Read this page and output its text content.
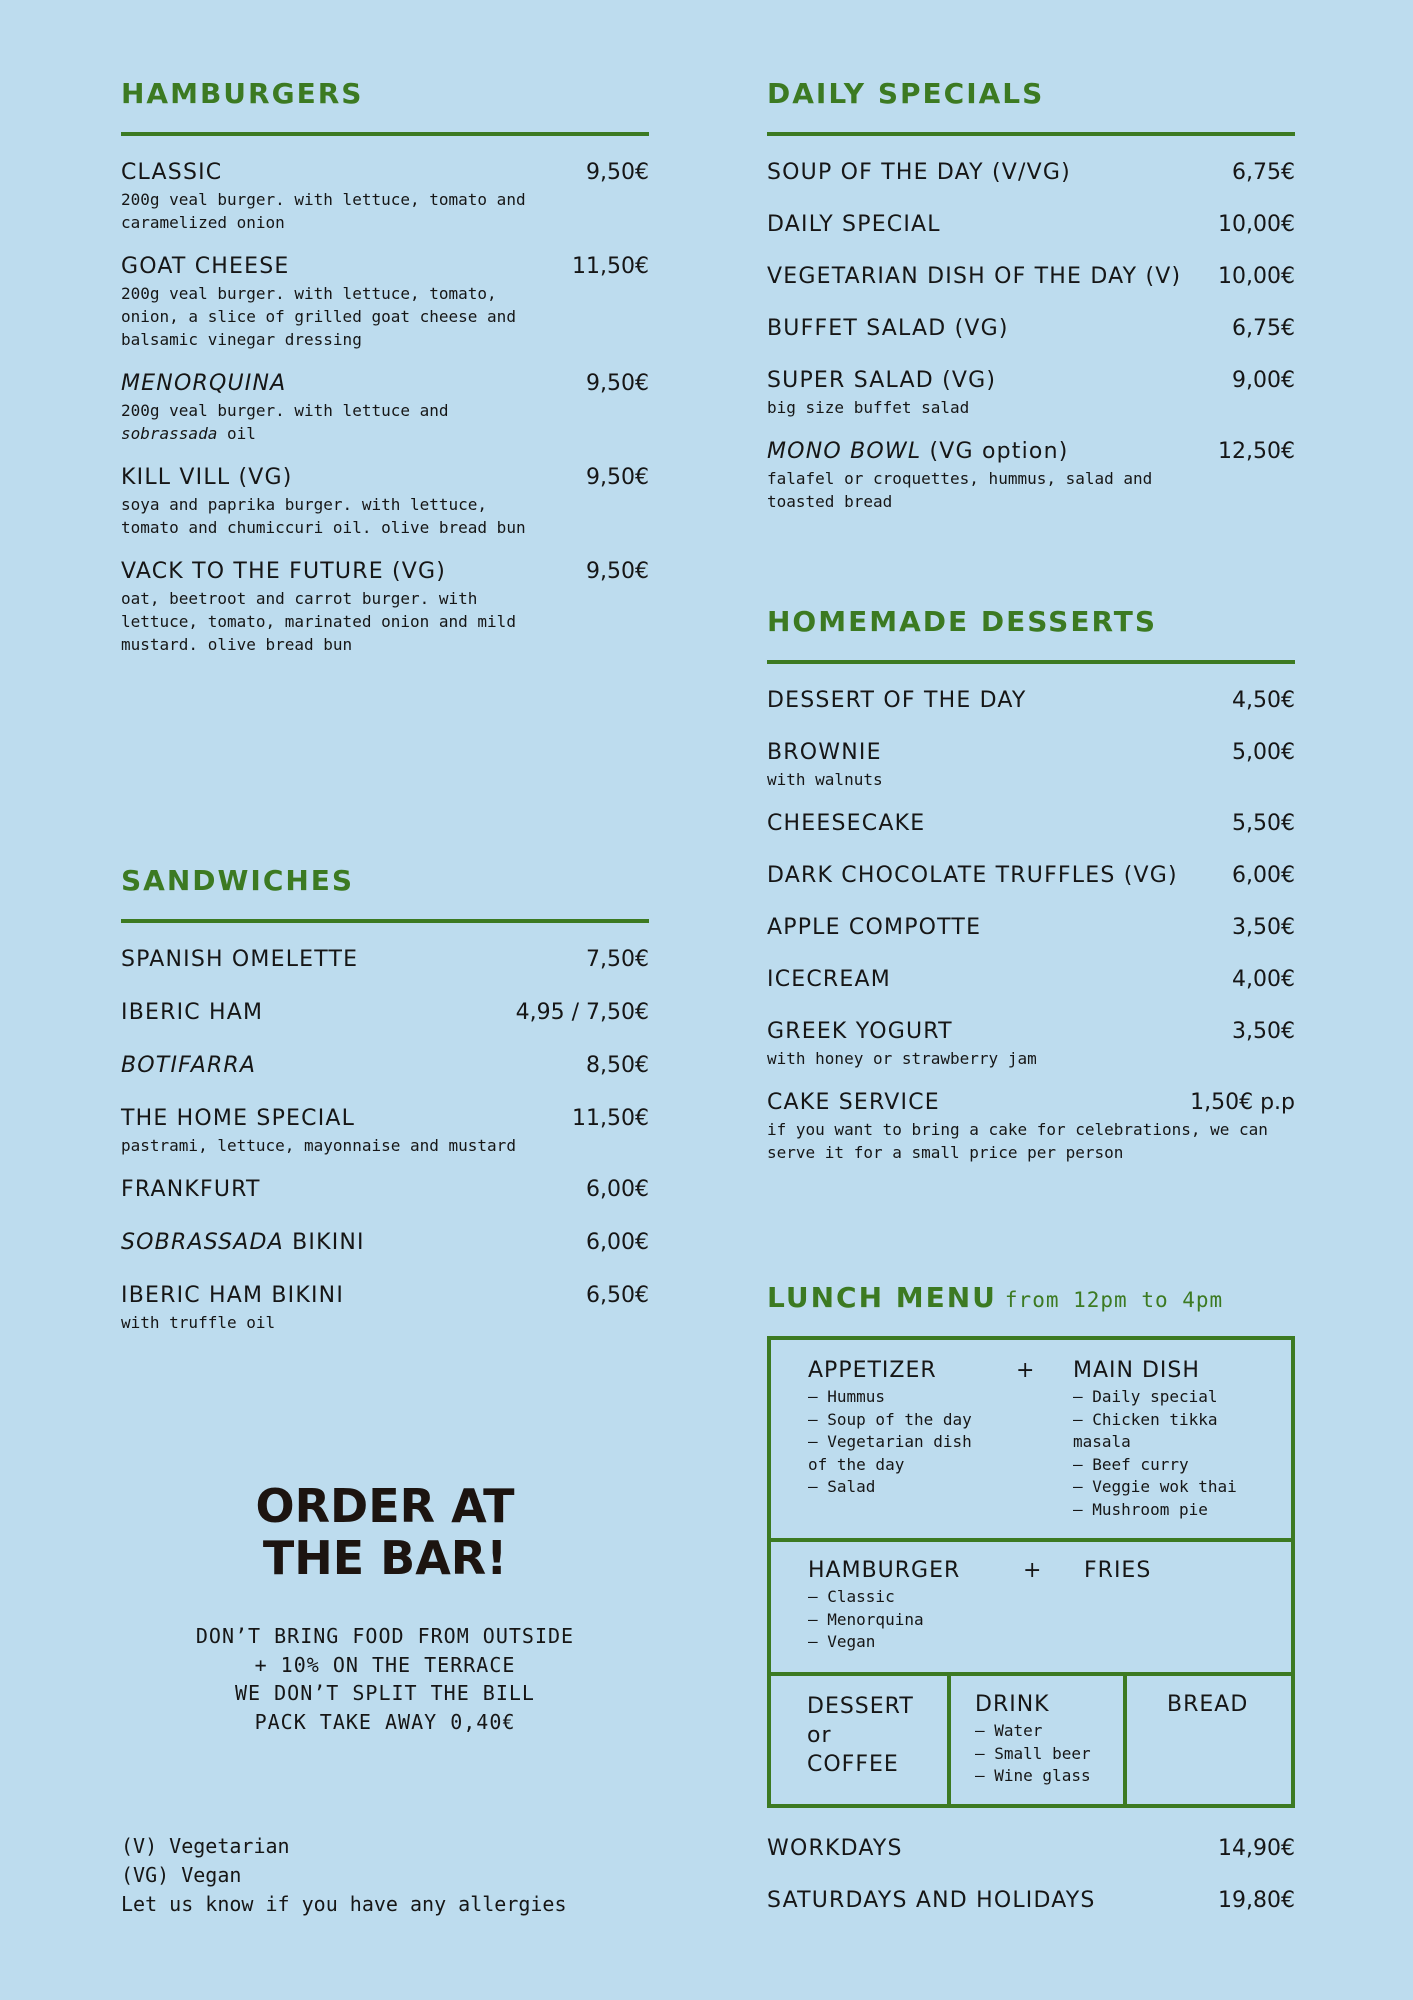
HAMBURGERS
CLASSIC	9,50€
200g veal burger. with lettuce, tomato and caramelized onion
GOAT CHEESE	11,50€
200g veal burger. with lettuce, tomato, onion, a slice of grilled goat cheese and balsamic vinegar dressing
MENORQUINA	9,50€
200g veal burger. with lettuce and sobrassada oil
KILL VILL (VG)	9,50€
soya and paprika burger. with lettuce, tomato and chumiccuri oil. olive bread bun
VACK TO THE FUTURE (VG)	9,50€
oat, beetroot and carrot burger. with lettuce, tomato, marinated onion and mild mustard. olive bread bun
SANDWICHES
SPANISH OMELETTE	7,50€
IBERIC HAM	4,95 / 7,50€
BOTIFARRA	8,50€
THE HOME SPECIAL	11,50€
pastrami, lettuce, mayonnaise and mustard
FRANKFURT	6,00€
SOBRASSADA BIKINI	6,00€
IBERIC HAM BIKINI	6,50€
with truffle oil
ORDER AT
THE BAR!
DON’T BRING FOOD FROM OUTSIDE
+ 10% ON THE TERRACE
WE DON’T SPLIT THE BILL
PACK TAKE AWAY 0,40€
(V) Vegetarian
(VG) Vegan
Let us know if you have any allergies
DAILY SPECIALS
SOUP OF THE DAY (V/VG)	6,75€
DAILY SPECIAL	10,00€
VEGETARIAN DISH OF THE DAY (V) 10,00€
BUFFET SALAD (VG)	6,75€
SUPER SALAD (VG)	9,00€
big size buffet salad
MONO BOWL (VG option)	12,50€
falafel or croquettes, hummus, salad and toasted bread
HOMEMADE DESSERTS
DESSERT OF THE DAY	4,50€
BROWNIE	5,00€
with walnuts
CHEESECAKE	5,50€
DARK CHOCOLATE TRUFFLES (VG) 6,00€
APPLE COMPOTTE	3,50€
ICECREAM	4,00€
GREEK YOGURT	3,50€
with honey or strawberry jam
CAKE SERVICE	1,50€ p.p
if you want to bring a cake for celebrations, we can serve it for a small price per person
LUNCH MENU from 12pm to 4pm
APPETIZER	+ MAIN DISH
– Hummus
– Soup of the day
– Vegetarian dish
of the day
– Salad
– Daily special
– Chicken tikka
masala
– Beef curry
– Veggie wok thai
– Mushroom pie
HAMBURGER	+ FRIES
– Classic
– Menorquina
– Vegan
DESSERT
or
COFFEE
DRINK
– Water
– Small beer
– Wine glass
BREAD
WORKDAYS	14,90€
SATURDAYS AND HOLIDAYS	19,80€
